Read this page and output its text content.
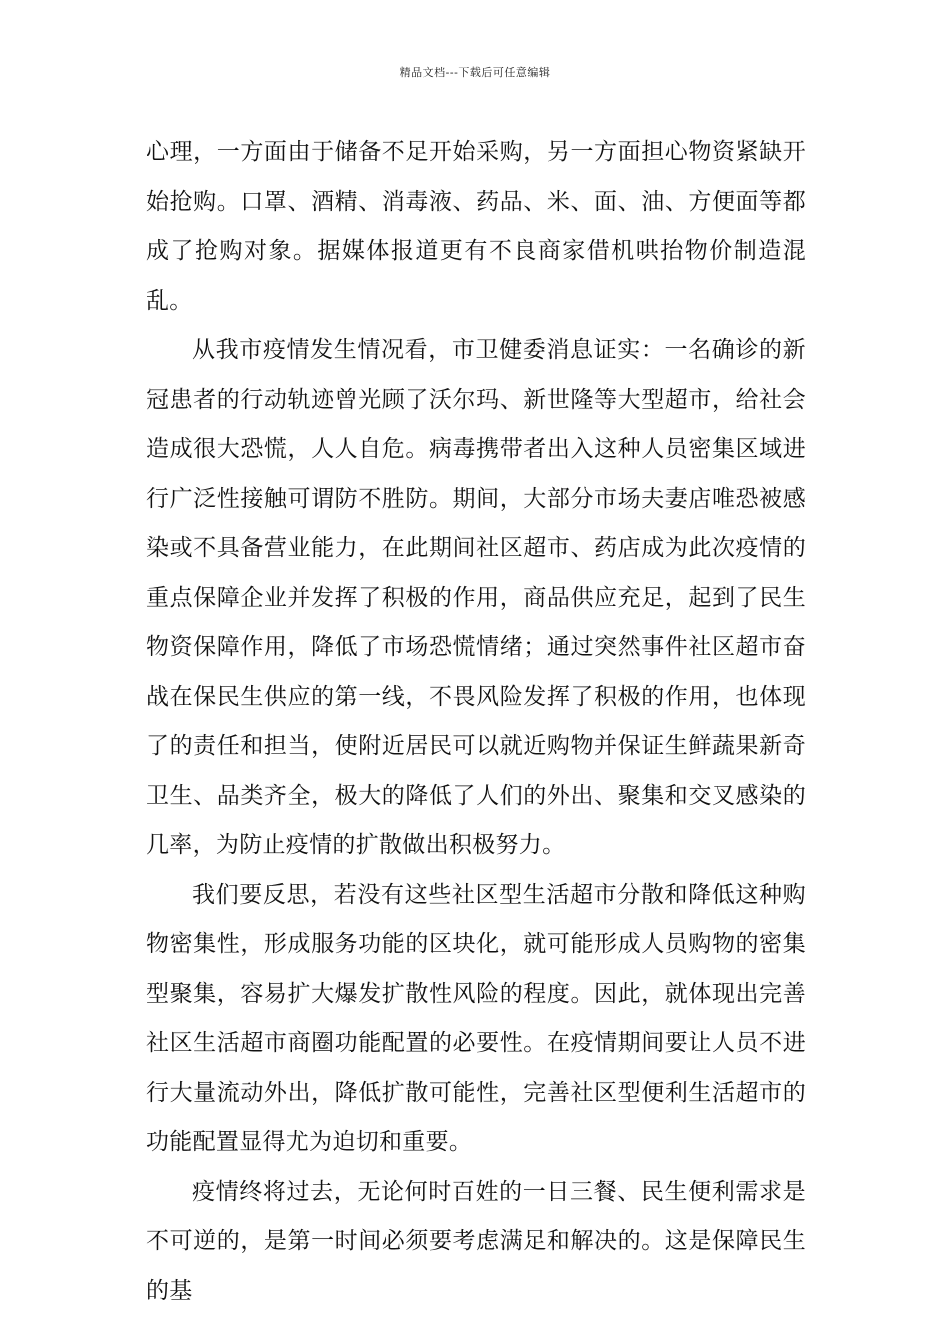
精品文档---下载后可任意编辑

心理，一方面由于储备不足开始采购，另一方面担心物资紧缺开始抢购。口罩、酒精、消毒液、药品、米、面、油、方便面等都成了抢购对象。据媒体报道更有不良商家借机哄抬物价制造混乱。

从我市疫情发生情况看，市卫健委消息证实：一名确诊的新冠患者的行动轨迹曾光顾了沃尔玛、新世隆等大型超市，给社会造成很大恐慌，人人自危。病毒携带者出入这种人员密集区域进行广泛性接触可谓防不胜防。期间，大部分市场夫妻店唯恐被感染或不具备营业能力，在此期间社区超市、药店成为此次疫情的重点保障企业并发挥了积极的作用，商品供应充足，起到了民生物资保障作用，降低了市场恐慌情绪；通过突然事件社区超市奋战在保民生供应的第一线，不畏风险发挥了积极的作用，也体现了的责任和担当，使附近居民可以就近购物并保证生鲜蔬果新奇卫生、品类齐全，极大的降低了人们的外出、聚集和交叉感染的几率，为防止疫情的扩散做出积极努力。

我们要反思，若没有这些社区型生活超市分散和降低这种购物密集性，形成服务功能的区块化，就可能形成人员购物的密集型聚集，容易扩大爆发扩散性风险的程度。因此，就体现出完善社区生活超市商圈功能配置的必要性。在疫情期间要让人员不进行大量流动外出，降低扩散可能性，完善社区型便利生活超市的功能配置显得尤为迫切和重要。

疫情终将过去，无论何时百姓的一日三餐、民生便利需求是不可逆的，是第一时间必须要考虑满足和解决的。这是保障民生的基
